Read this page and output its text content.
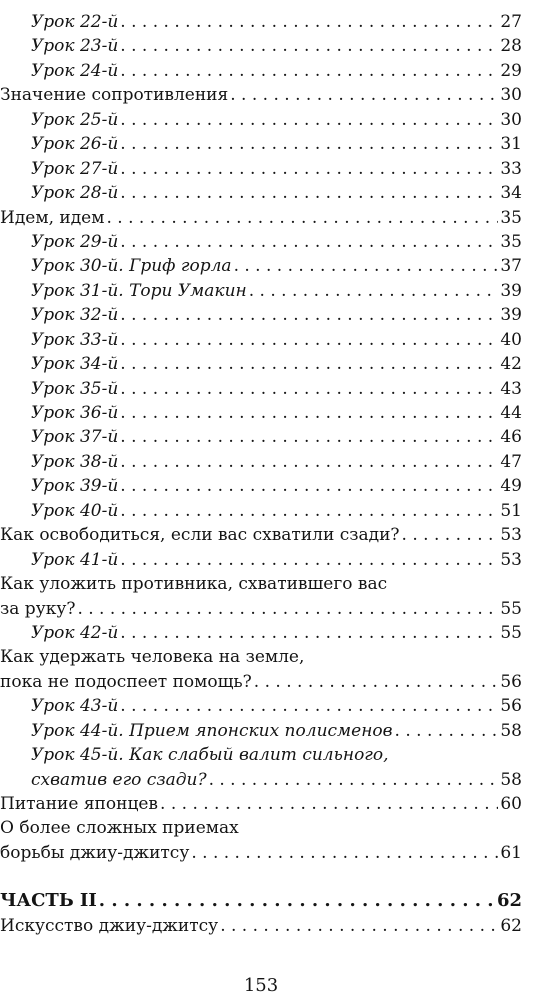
Урок 22-й . . .	27
Урок 23-й . . .	28
Урок 24-й . . .	29
Значение сопротивления . . .	30
Урок 25-й . . .	30
Урок 26-й . . .	31
Урок 27-й . . .	33
Урок 28-й . . .	34
Идем, идем . . .	35
Урок 29-й . . .	35
Урок 30-й. Гриф горла . . .	37
Урок 31-й. Тори Умакин . . .	39
Урок 32-й . . .	39
Урок 33-й . . .	40
Урок 34-й . . .	42
Урок 35-й . . .	43
Урок 36-й . . .	44
Урок 37-й . . .	46
Урок 38-й . . .	47
Урок 39-й . . .	49
Урок 40-й . . .	51
Как освободиться, если вас схватили сзади? . . .	53
Урок 41-й . . .	53
Как уложить противника, схватившего вас
за руку? . . .	55
Урок 42-й . . .	55
Как удержать человека на земле,
пока не подоспеет помощь? . . .	56
Урок 43-й . . .	56
Урок 44-й. Прием японских полисменов . . .	58
Урок 45-й. Как слабый валит сильного,
схватив его сзади? . . .	58
Питание японцев . . .	60
О более сложных приемах
борьбы джиу-джитсу . . .	61
ЧАСТЬ II . . .	62
Искусство джиу-джитсу . . .	62
153
